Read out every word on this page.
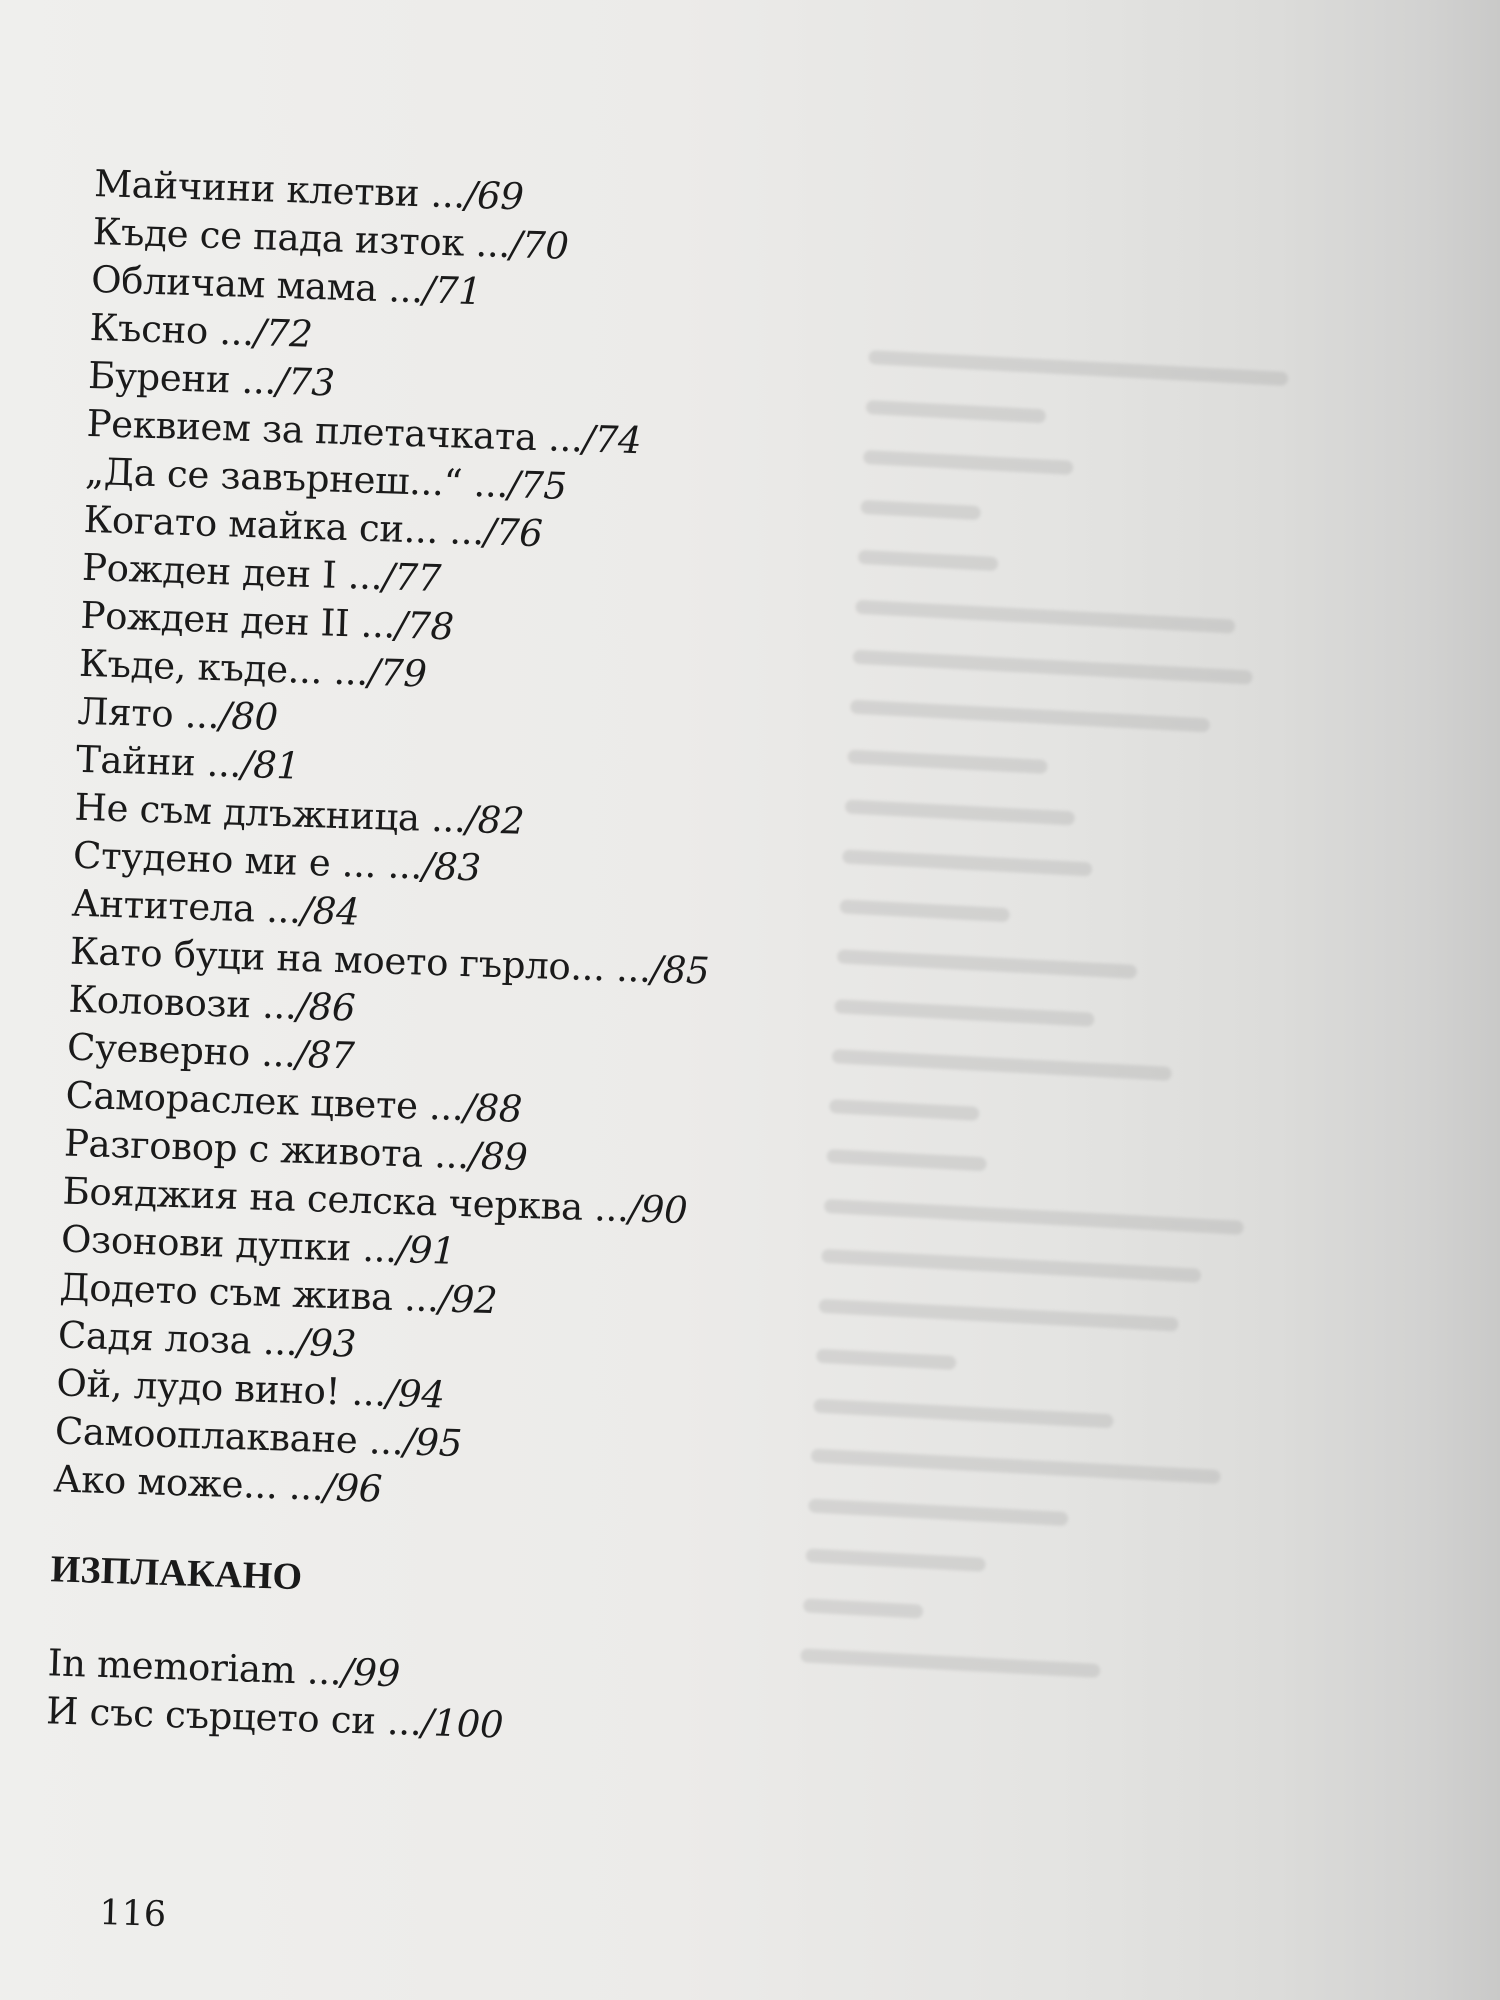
Майчини клетви .../69
Къде се пада изток .../70
Обличам мама .../71
Късно .../72
Бурени .../73
Реквием за плетачката .../74
„Да се завърнеш...“ .../75
Когато майка си... .../76
Рожден ден I .../77
Рожден ден II .../78
Къде, къде... .../79
Лято .../80
Тайни .../81
Не съм длъжница .../82
Студено ми е ... .../83
Антитела .../84
Като буци на моето гърло... .../85
Коловози .../86
Суеверно .../87
Самораслек цвете .../88
Разговор с живота .../89
Бояджия на селска черква .../90
Озонови дупки .../91
Додето съм жива .../92
Садя лоза .../93
Ой, лудо вино! .../94
Самооплакване .../95
Ако може... .../96
ИЗПЛАКАНО
In memoriam .../99
И със сърцето си .../100
116
